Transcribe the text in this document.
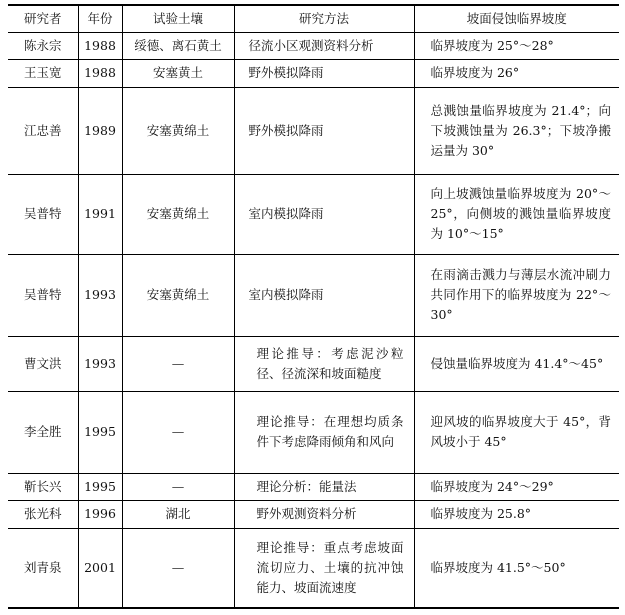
研究者	年份	试验土壤	研究方法	坡面侵蚀临界坡度
陈永宗	1988	绥德、离石黄土	径流小区观测资料分析	临界坡度为 25°～28°
王玉宽	1988	安塞黄土	野外模拟降雨	临界坡度为 26°
江忠善	1989	安塞黄绵土	野外模拟降雨	总溅蚀量临界坡度为 21.4°；向下坡溅蚀量为 26.3°；下坡净搬运量为 30°
吴普特	1991	安塞黄绵土	室内模拟降雨	向上坡溅蚀量临界坡度为 20°～25°，向侧坡的溅蚀量临界坡度为 10°～15°
吴普特	1993	安塞黄绵土	室内模拟降雨	在雨滴击溅力与薄层水流冲刷力共同作用下的临界坡度为 22°～30°
曹文洪	1993	—	理论推导：考虑泥沙粒径、径流深和坡面糙度	侵蚀量临界坡度为 41.4°～45°
李全胜	1995	—	理论推导：在理想均质条件下考虑降雨倾角和风向	迎风坡的临界坡度大于 45°，背风坡小于 45°
靳长兴	1995	—	理论分析：能量法	临界坡度为 24°～29°
张光科	1996	湖北	野外观测资料分析	临界坡度为 25.8°
刘青泉	2001	—	理论推导：重点考虑坡面流切应力、土壤的抗冲蚀能力、坡面流速度	临界坡度为 41.5°～50°
